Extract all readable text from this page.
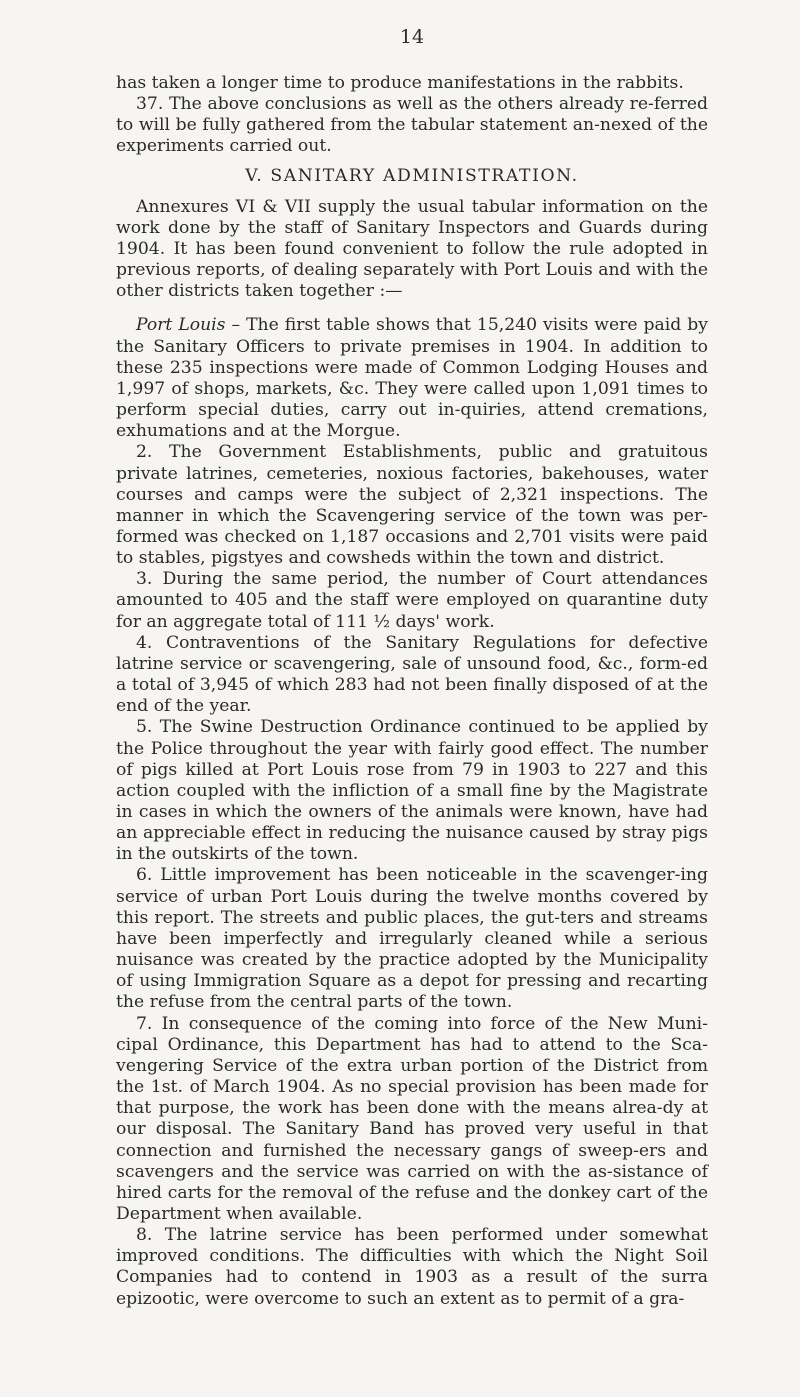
14

has taken a longer time to produce manifestations in the rabbits.

37. The above conclusions as well as the others already re-ferred to will be fully gathered from the tabular statement an-nexed of the experiments carried out.

V. SANITARY ADMINISTRATION.

Annexures VI & VII supply the usual tabular information on the work done by the staff of Sanitary Inspectors and Guards during 1904. It has been found convenient to follow the rule adopted in previous reports, of dealing separately with Port Louis and with the other districts taken together :—

Port Louis – The first table shows that 15,240 visits were paid by the Sanitary Officers to private premises in 1904. In addition to these 235 inspections were made of Common Lodging Houses and 1,997 of shops, markets, &c. They were called upon 1,091 times to perform special duties, carry out in-quiries, attend cremations, exhumations and at the Morgue.

2. The Government Establishments, public and gratuitous private latrines, cemeteries, noxious factories, bakehouses, water courses and camps were the subject of 2,321 inspections. The manner in which the Scavengering service of the town was per-formed was checked on 1,187 occasions and 2,701 visits were paid to stables, pigstyes and cowsheds within the town and district.

3. During the same period, the number of Court attendances amounted to 405 and the staff were employed on quarantine duty for an aggregate total of 111 ½ days' work.

4. Contraventions of the Sanitary Regulations for defective latrine service or scavengering, sale of unsound food, &c., form-ed a total of 3,945 of which 283 had not been finally disposed of at the end of the year.

5. The Swine Destruction Ordinance continued to be applied by the Police throughout the year with fairly good effect. The number of pigs killed at Port Louis rose from 79 in 1903 to 227 and this action coupled with the infliction of a small fine by the Magistrate in cases in which the owners of the animals were known, have had an appreciable effect in reducing the nuisance caused by stray pigs in the outskirts of the town.

6. Little improvement has been noticeable in the scavenger-ing service of urban Port Louis during the twelve months covered by this report. The streets and public places, the gut-ters and streams have been imperfectly and irregularly cleaned while a serious nuisance was created by the practice adopted by the Municipality of using Immigration Square as a depot for pressing and recarting the refuse from the central parts of the town.

7. In consequence of the coming into force of the New Muni-cipal Ordinance, this Department has had to attend to the Sca-vengering Service of the extra urban portion of the District from the 1st. of March 1904. As no special provision has been made for that purpose, the work has been done with the means alrea-dy at our disposal. The Sanitary Band has proved very useful in that connection and furnished the necessary gangs of sweep-ers and scavengers and the service was carried on with the as-sistance of hired carts for the removal of the refuse and the donkey cart of the Department when available.

8. The latrine service has been performed under somewhat improved conditions. The difficulties with which the Night Soil Companies had to contend in 1903 as a result of the surra epizootic, were overcome to such an extent as to permit of a gra-
